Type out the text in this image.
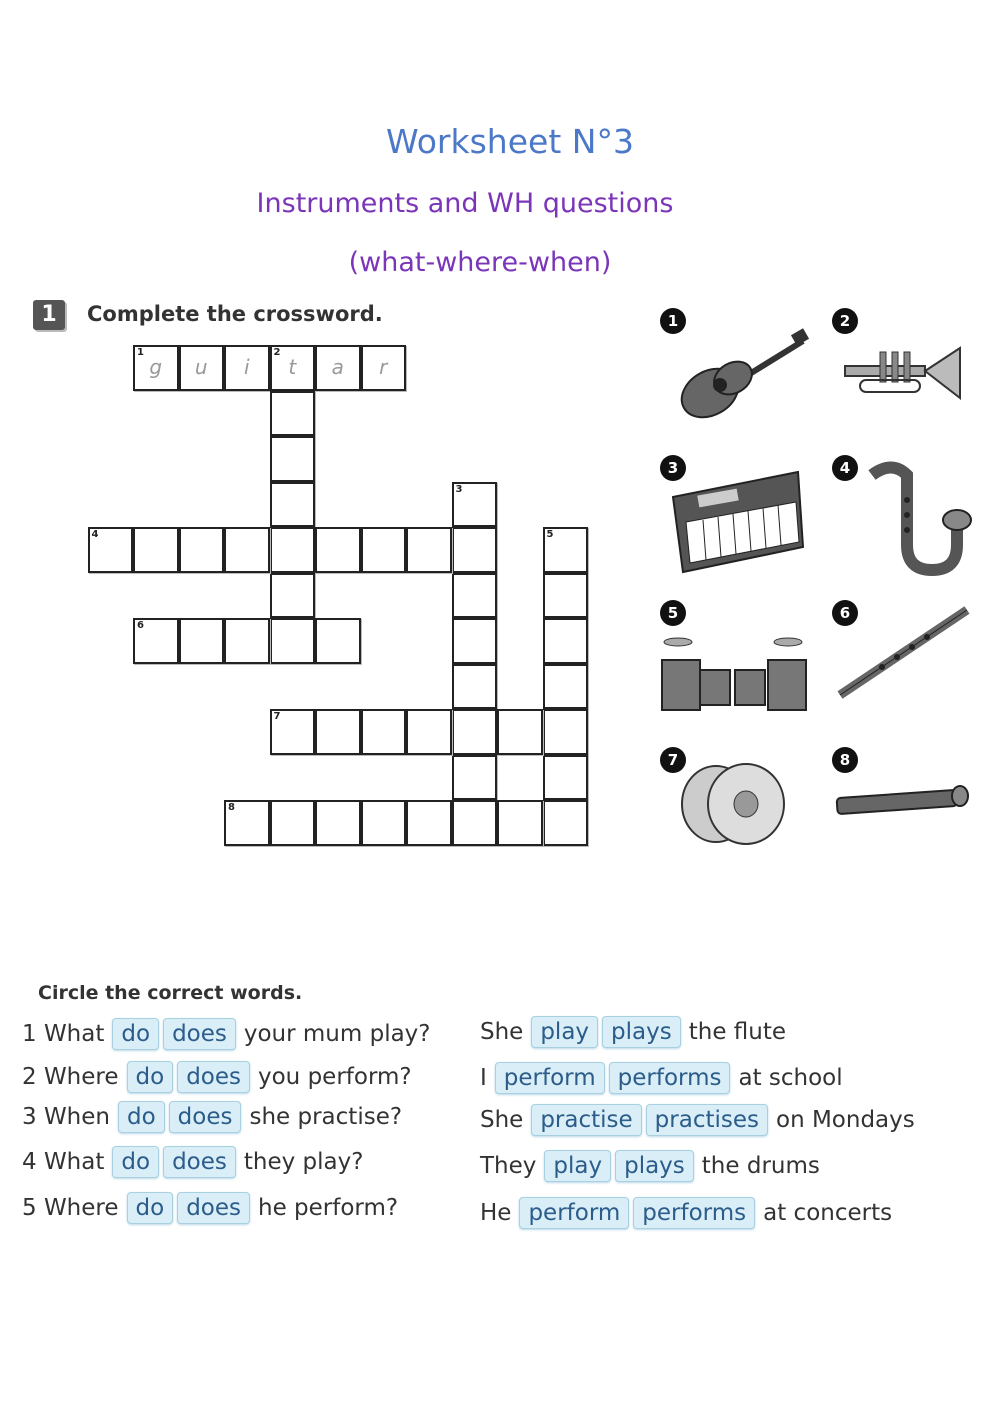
Worksheet N°3
Instruments and WH questions
(what-where-when)
1	Complete the crossword.
1
g	u	i
2
t	a	r
3
4	5
6
7
8
1	2
3	4
5	6
7	8
Circle the correct words.
1 What do does your mum play?
2 Where do does you perform?
3 When do does she practise?
4 What do does they play?
5 Where do does he perform?
She play plays the flute
I perform performs at school
She practise practises on Mondays
They play plays the drums
He perform performs at concerts
